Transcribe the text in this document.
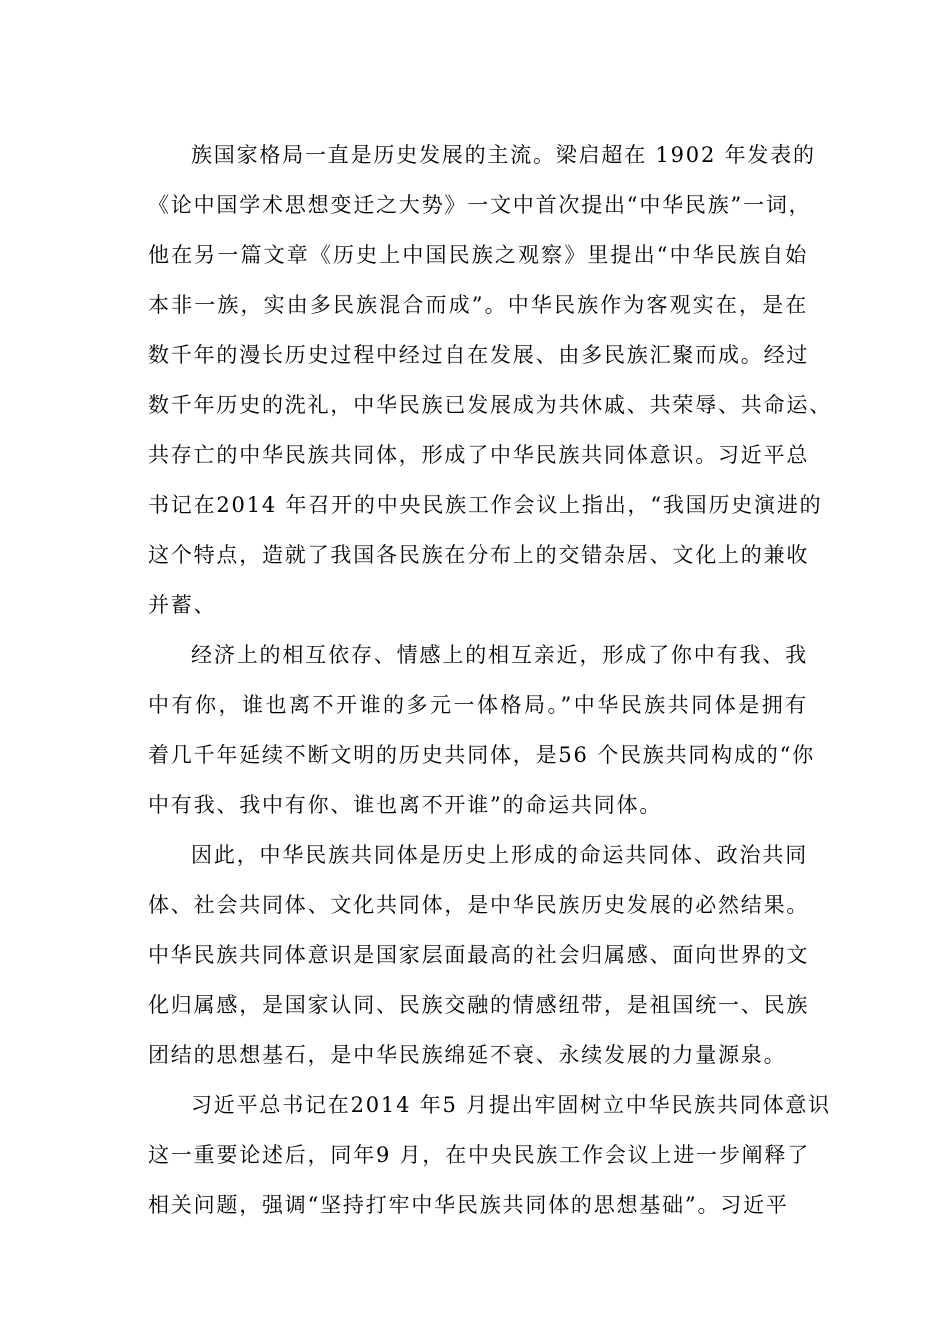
族国家格局一直是历史发展的主流。梁启超在 1902 年发表的
《论中国学术思想变迁之大势》一文中首次提出“中华民族”一词，
他在另一篇文章《历史上中国民族之观察》里提出“中华民族自始
本非一族，实由多民族混合而成”。中华民族作为客观实在，是在
数千年的漫长历史过程中经过自在发展、由多民族汇聚而成。经过
数千年历史的洗礼，中华民族已发展成为共休戚、共荣辱、共命运、
共存亡的中华民族共同体，形成了中华民族共同体意识。习近平总
书记在2014 年召开的中央民族工作会议上指出，“我国历史演进的
这个特点，造就了我国各民族在分布上的交错杂居、文化上的兼收
并蓄、
经济上的相互依存、情感上的相互亲近，形成了你中有我、我
中有你，谁也离不开谁的多元一体格局。”中华民族共同体是拥有
着几千年延续不断文明的历史共同体，是56 个民族共同构成的“你
中有我、我中有你、谁也离不开谁”的命运共同体。
因此，中华民族共同体是历史上形成的命运共同体、政治共同
体、社会共同体、文化共同体，是中华民族历史发展的必然结果。
中华民族共同体意识是国家层面最高的社会归属感、面向世界的文
化归属感，是国家认同、民族交融的情感纽带，是祖国统一、民族
团结的思想基石，是中华民族绵延不衰、永续发展的力量源泉。
习近平总书记在2014 年5 月提出牢固树立中华民族共同体意识
这一重要论述后，同年9 月，在中央民族工作会议上进一步阐释了
相关问题，强调“坚持打牢中华民族共同体的思想基础”。习近平
